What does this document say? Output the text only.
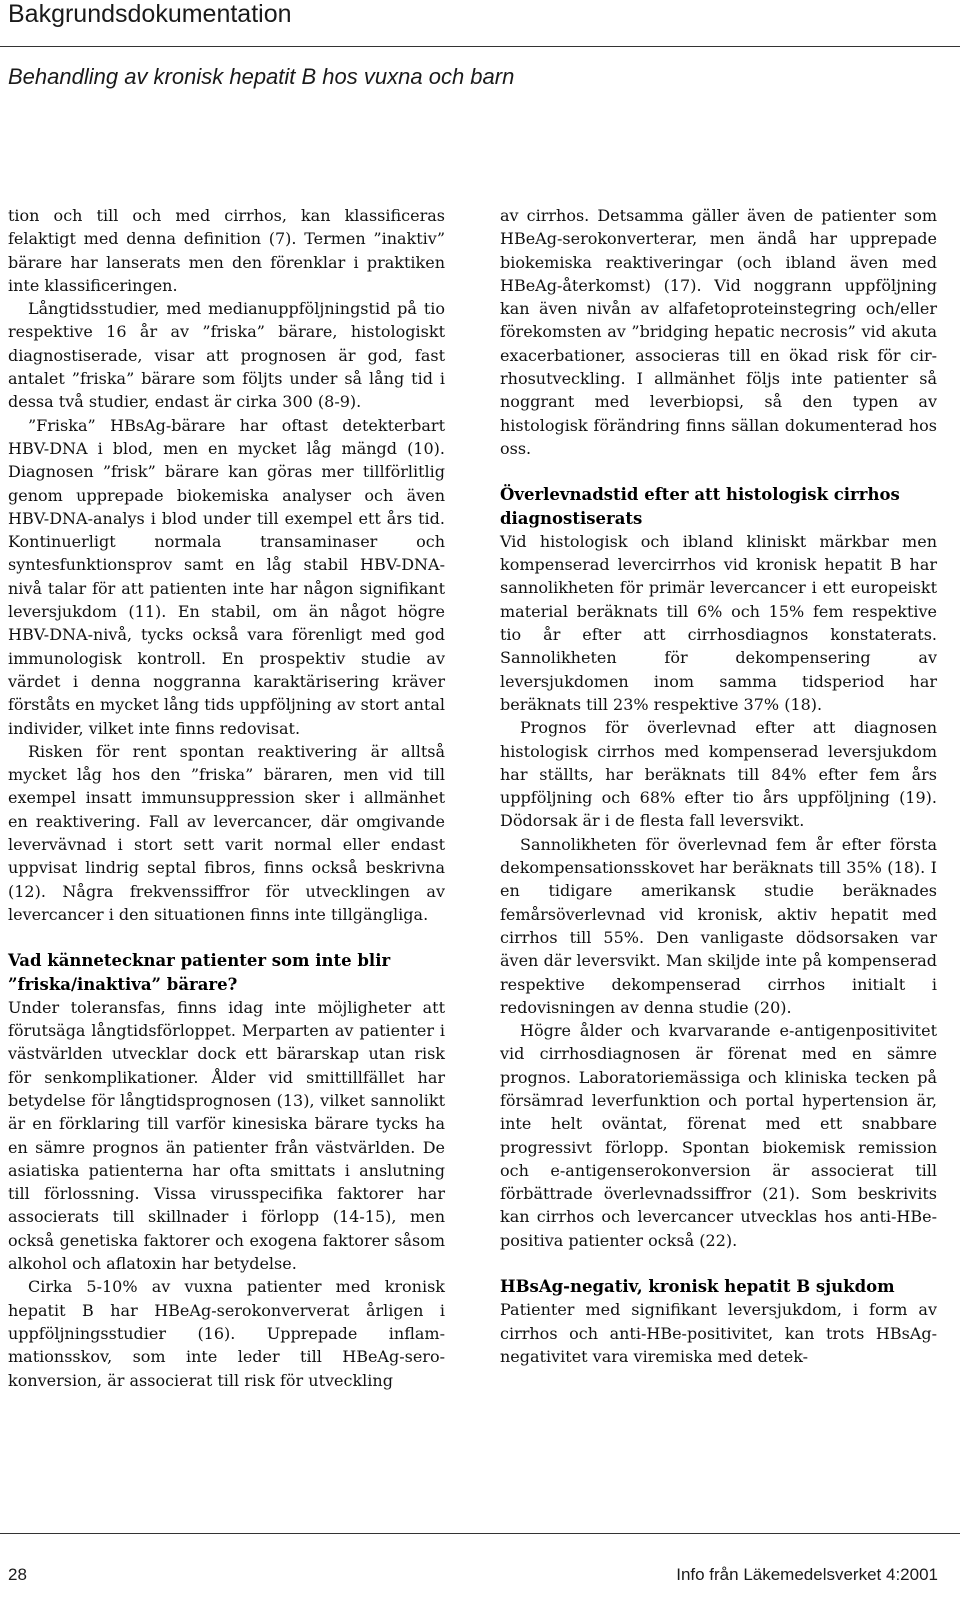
Bakgrundsdokumentation
Behandling av kronisk hepatit B hos vuxna och barn

tion och till och med cirrhos, kan klassificeras felaktigt med denna definition (7). Termen ”inaktiv” bärare har lanserats men den förenklar i praktiken inte klassificeringen.

Långtidsstudier, med medianuppföljningstid på tio respektive 16 år av ”friska” bärare, histologiskt diagnostiserade, visar att prognosen är god, fast antalet ”friska” bärare som följts under så lång tid i dessa två studier, endast är cirka 300 (8-9).

”Friska” HBsAg-bärare har oftast detekterbart HBV-DNA i blod, men en mycket låg mängd (10). Diagnosen ”frisk” bärare kan göras mer tillförlitlig genom upprepade biokemiska analyser och även HBV-DNA-analys i blod under till exempel ett års tid. Kontinuerligt normala transaminaser och syntesfunktionsprov samt en låg stabil HBV-DNA-nivå talar för att patienten inte har någon signifikant leversjukdom (11). En stabil, om än något högre HBV-DNA-nivå, tycks också vara förenligt med god immunologisk kontroll. En prospektiv studie av värdet i denna noggranna karaktärisering kräver förståts en mycket lång tids uppföljning av stort antal individer, vilket inte finns redovisat.

Risken för rent spontan reaktivering är alltså mycket låg hos den ”friska” bäraren, men vid till exempel insatt immunsuppression sker i allmänhet en reaktivering. Fall av levercancer, där omgivande levervävnad i stort sett varit normal eller endast uppvisat lindrig septal fibros, finns också beskrivna (12). Några frekvenssiffror för utvecklingen av levercancer i den situationen finns inte tillgängliga.

Vad kännetecknar patienter som inte blir ”friska/inaktiva” bärare?

Under toleransfas, finns idag inte möjligheter att förutsäga långtidsförloppet. Merparten av patienter i västvärlden utvecklar dock ett bärarskap utan risk för senkomplikationer. Ålder vid smittillfället har betydelse för långtidsprognosen (13), vilket sannolikt är en förklaring till varför kinesiska bärare tycks ha en sämre prognos än patienter från västvärlden. De asiatiska patienterna har ofta smittats i anslutning till förlossning. Vissa virusspecifika faktorer har associerats till skillnader i förlopp (14-15), men också genetiska faktorer och exogena faktorer såsom alkohol och aflatoxin har betydelse.

Cirka 5-10% av vuxna patienter med kronisk hepatit B har HBeAg-serokonververat årligen i uppföljningsstudier (16). Upprepade inflammationsskov, som inte leder till HBeAg-serokonversion, är associerat till risk för utveckling

av cirrhos. Detsamma gäller även de patienter som HBeAg-serokonverterar, men ändå har upprepade biokemiska reaktiveringar (och ibland även med HBeAg-återkomst) (17). Vid noggrann uppföljning kan även nivån av alfafetoproteinstegring och/eller förekomsten av ”bridging hepatic necrosis” vid akuta exacerbationer, associeras till en ökad risk för cirrhosutveckling. I allmänhet följs inte patienter så noggrant med leverbiopsi, så den typen av histologisk förändring finns sällan dokumenterad hos oss.

Överlevnadstid efter att histologisk cirrhos diagnostiserats

Vid histologisk och ibland kliniskt märkbar men kompenserad levercirrhos vid kronisk hepatit B har sannolikheten för primär levercancer i ett europeiskt material beräknats till 6% och 15% fem respektive tio år efter att cirrhosdiagnos konstaterats. Sannolikheten för dekompensering av leversjukdomen inom samma tidsperiod har beräknats till 23% respektive 37% (18).

Prognos för överlevnad efter att diagnosen histologisk cirrhos med kompenserad leversjukdom har ställts, har beräknats till 84% efter fem års uppföljning och 68% efter tio års uppföljning (19). Dödorsak är i de flesta fall leversvikt.

Sannolikheten för överlevnad fem år efter första dekompensationsskovet har beräknats till 35% (18). I en tidigare amerikansk studie beräknades femårsöverlevnad vid kronisk, aktiv hepatit med cirrhos till 55%. Den vanligaste dödsorsaken var även där leversvikt. Man skiljde inte på kompenserad respektive dekompenserad cirrhos initialt i redovisningen av denna studie (20).

Högre ålder och kvarvarande e-antigenpositivitet vid cirrhosdiagnosen är förenat med en sämre prognos. Laboratoriemässiga och kliniska tecken på försämrad leverfunktion och portal hypertension är, inte helt oväntat, förenat med ett snabbare progressivt förlopp. Spontan biokemisk remission och e-antigenserokonversion är associerat till förbättrade överlevnadssiffror (21). Som beskrivits kan cirrhos och levercancer utvecklas hos anti-HBe-positiva patienter också (22).

HBsAg-negativ, kronisk hepatit B sjukdom

Patienter med signifikant leversjukdom, i form av cirrhos och anti-HBe-positivitet, kan trots HBsAg-negativitet vara viremiska med detek-

28	Info från Läkemedelsverket 4:2001
